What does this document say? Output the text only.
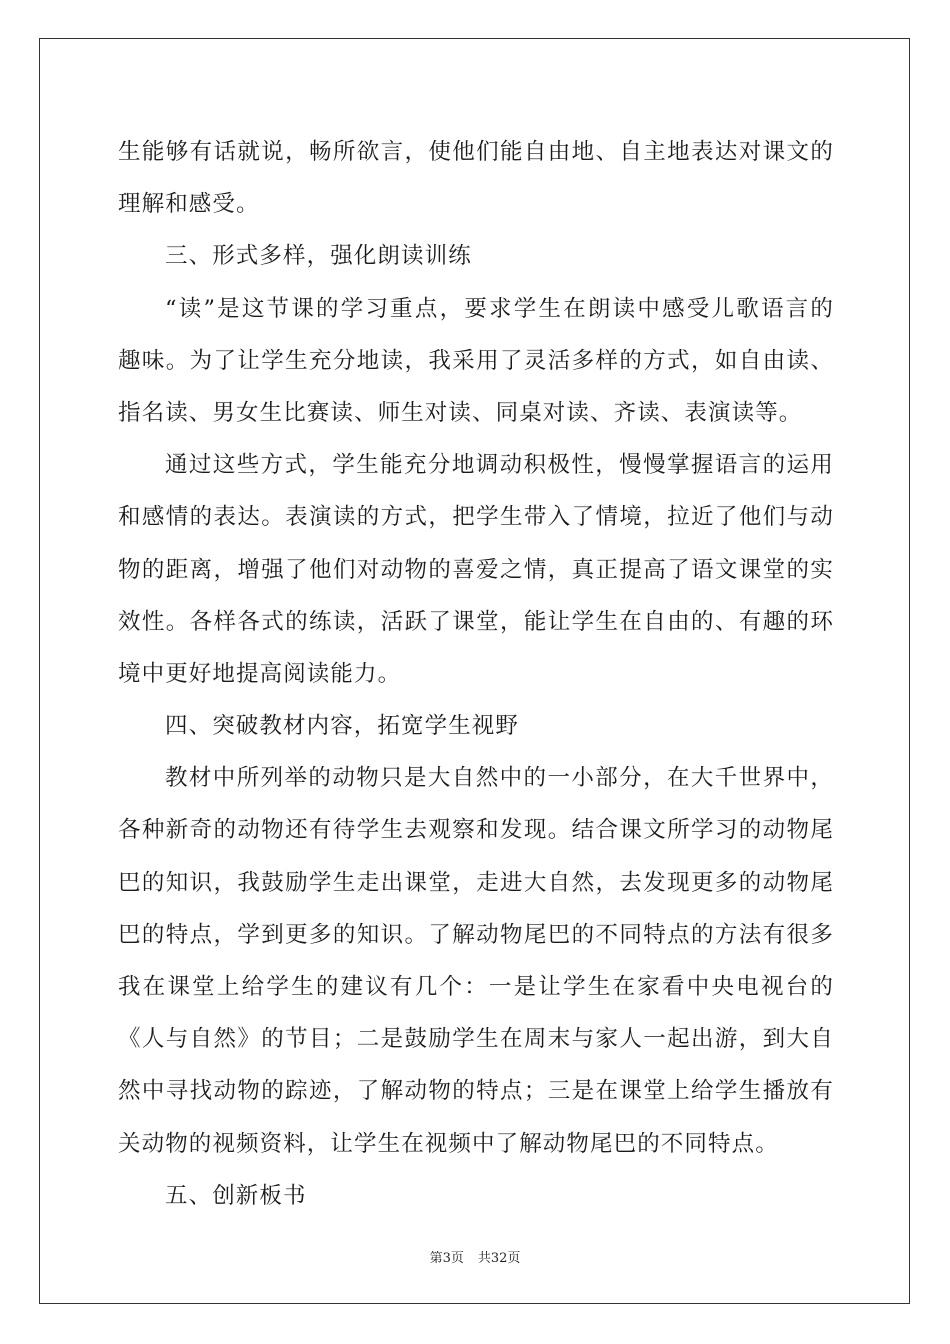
生能够有话就说，畅所欲言，使他们能自由地、自主地表达对课文的
理解和感受。
三、形式多样，强化朗读训练
“读”是这节课的学习重点，要求学生在朗读中感受儿歌语言的
趣味。为了让学生充分地读，我采用了灵活多样的方式，如自由读、
指名读、男女生比赛读、师生对读、同桌对读、齐读、表演读等。
通过这些方式，学生能充分地调动积极性，慢慢掌握语言的运用
和感情的表达。表演读的方式，把学生带入了情境，拉近了他们与动
物的距离，增强了他们对动物的喜爱之情，真正提高了语文课堂的实
效性。各样各式的练读，活跃了课堂，能让学生在自由的、有趣的环
境中更好地提高阅读能力。
四、突破教材内容，拓宽学生视野
教材中所列举的动物只是大自然中的一小部分，在大千世界中，
各种新奇的动物还有待学生去观察和发现。结合课文所学习的动物尾
巴的知识，我鼓励学生走出课堂，走进大自然，去发现更多的动物尾
巴的特点，学到更多的知识。了解动物尾巴的不同特点的方法有很多
我在课堂上给学生的建议有几个：一是让学生在家看中央电视台的
《人与自然》的节目；二是鼓励学生在周末与家人一起出游，到大自
然中寻找动物的踪迹，了解动物的特点；三是在课堂上给学生播放有
关动物的视频资料，让学生在视频中了解动物尾巴的不同特点。
五、创新板书
第3页 共32页
